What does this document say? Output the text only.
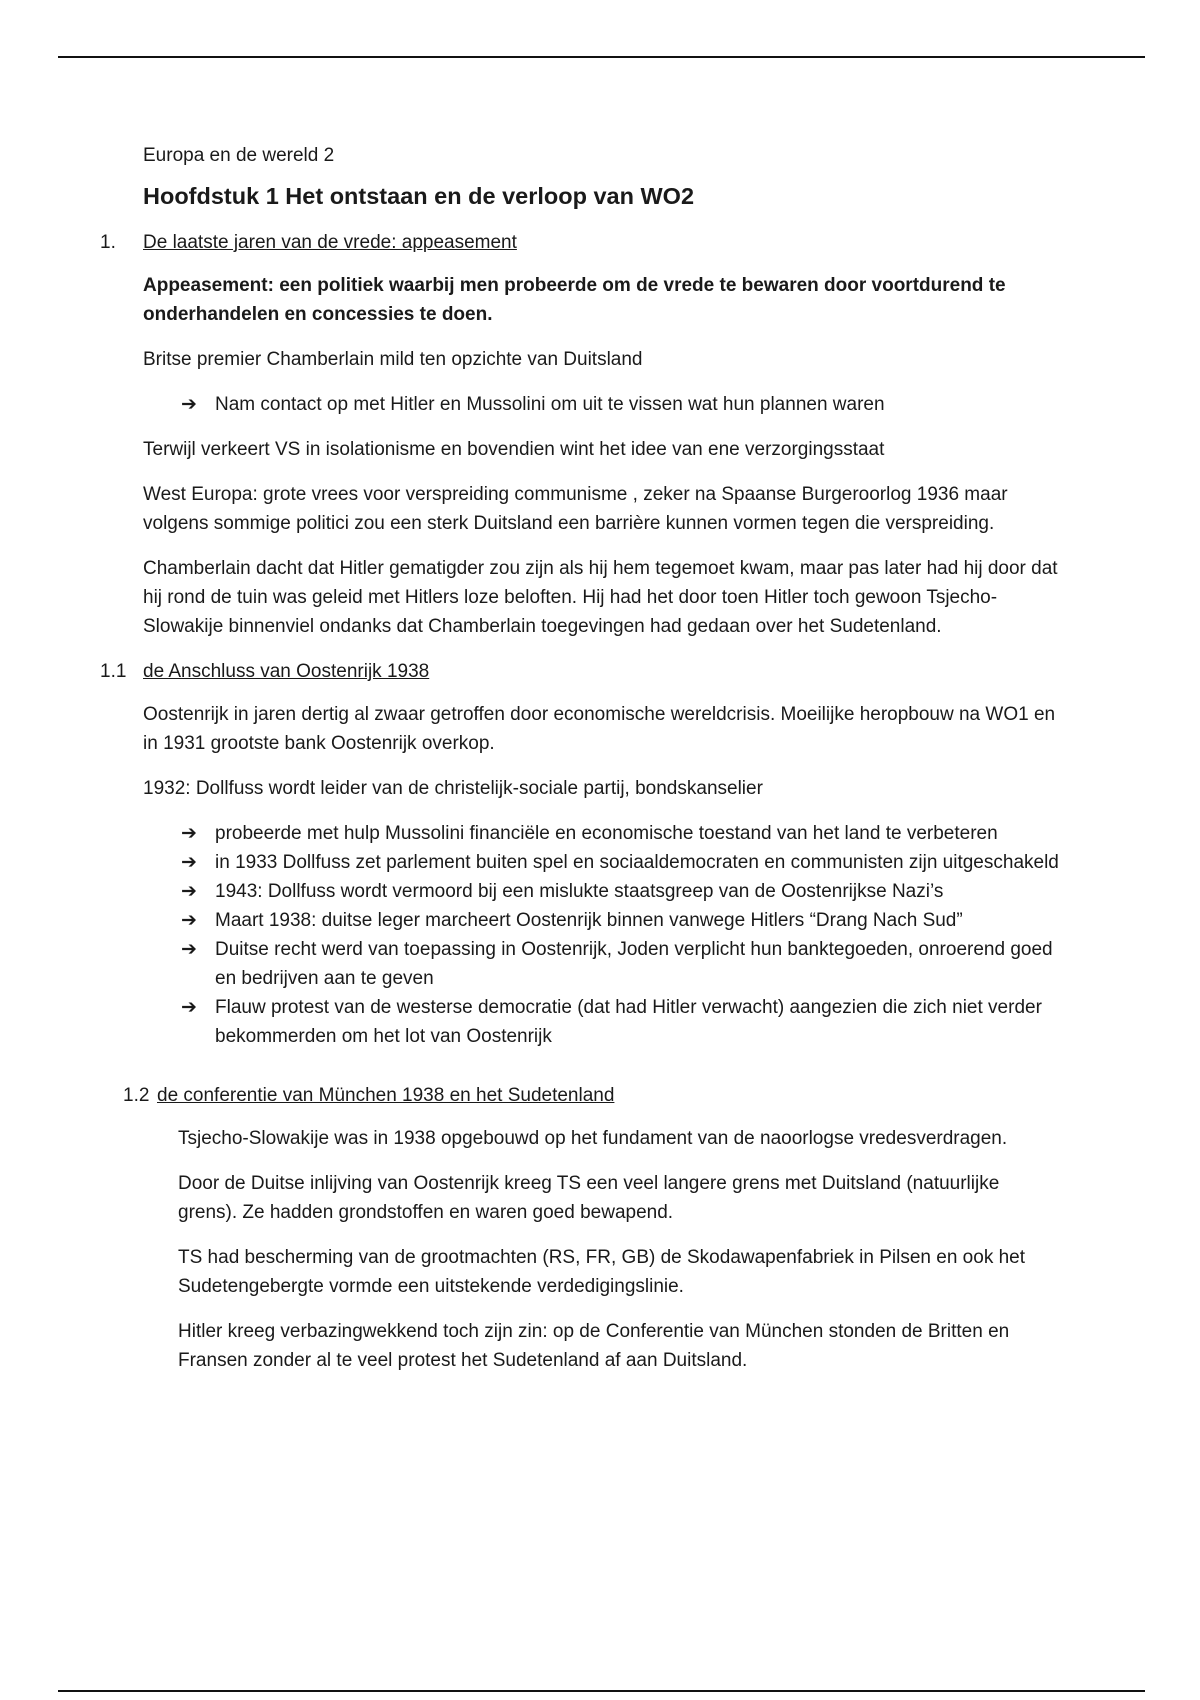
Europa en de wereld 2
Hoofdstuk 1 Het ontstaan en de verloop van WO2
1. De laatste jaren van de vrede: appeasement
Appeasement: een politiek waarbij men probeerde om de vrede te bewaren door voortdurend te onderhandelen en concessies te doen.
Britse premier Chamberlain mild ten opzichte van Duitsland
➔ Nam contact op met Hitler en Mussolini om uit te vissen wat hun plannen waren
Terwijl verkeert VS in isolationisme en bovendien wint het idee van ene verzorgingsstaat
West Europa: grote vrees voor verspreiding communisme , zeker na Spaanse Burgeroorlog 1936 maar volgens sommige politici zou een sterk Duitsland een barrière kunnen vormen tegen die verspreiding.
Chamberlain dacht dat Hitler gematigder zou zijn als hij hem tegemoet kwam, maar pas later had hij door dat hij rond de tuin was geleid met Hitlers loze beloften. Hij had het door toen Hitler toch gewoon Tsjecho-Slowakije binnenviel ondanks dat Chamberlain toegevingen had gedaan over het Sudetenland.
1.1 de Anschluss van Oostenrijk 1938
Oostenrijk in jaren dertig al zwaar getroffen door economische wereldcrisis. Moeilijke heropbouw na WO1 en in 1931 grootste bank Oostenrijk overkop.
1932: Dollfuss wordt leider van de christelijk-sociale partij, bondskanselier
➔ probeerde met hulp Mussolini financiële en economische toestand van het land te verbeteren
➔ in 1933 Dollfuss zet parlement buiten spel en sociaaldemocraten en communisten zijn uitgeschakeld
➔ 1943: Dollfuss wordt vermoord bij een mislukte staatsgreep van de Oostenrijkse Nazi’s
➔ Maart 1938: duitse leger marcheert Oostenrijk binnen vanwege Hitlers “Drang Nach Sud”
➔ Duitse recht werd van toepassing in Oostenrijk, Joden verplicht hun banktegoeden, onroerend goed en bedrijven aan te geven
➔ Flauw protest van de westerse democratie (dat had Hitler verwacht) aangezien die zich niet verder bekommerden om het lot van Oostenrijk
1.2 de conferentie van München 1938 en het Sudetenland
Tsjecho-Slowakije was in 1938 opgebouwd op het fundament van de naoorlogse vredesverdragen.
Door de Duitse inlijving van Oostenrijk kreeg TS een veel langere grens met Duitsland (natuurlijke grens). Ze hadden grondstoffen en waren goed bewapend.
TS had bescherming van de grootmachten (RS, FR, GB) de Skodawapenfabriek in Pilsen en ook het Sudetengebergte vormde een uitstekende verdedigingslinie.
Hitler kreeg verbazingwekkend toch zijn zin: op de Conferentie van München stonden de Britten en Fransen zonder al te veel protest het Sudetenland af aan Duitsland.
